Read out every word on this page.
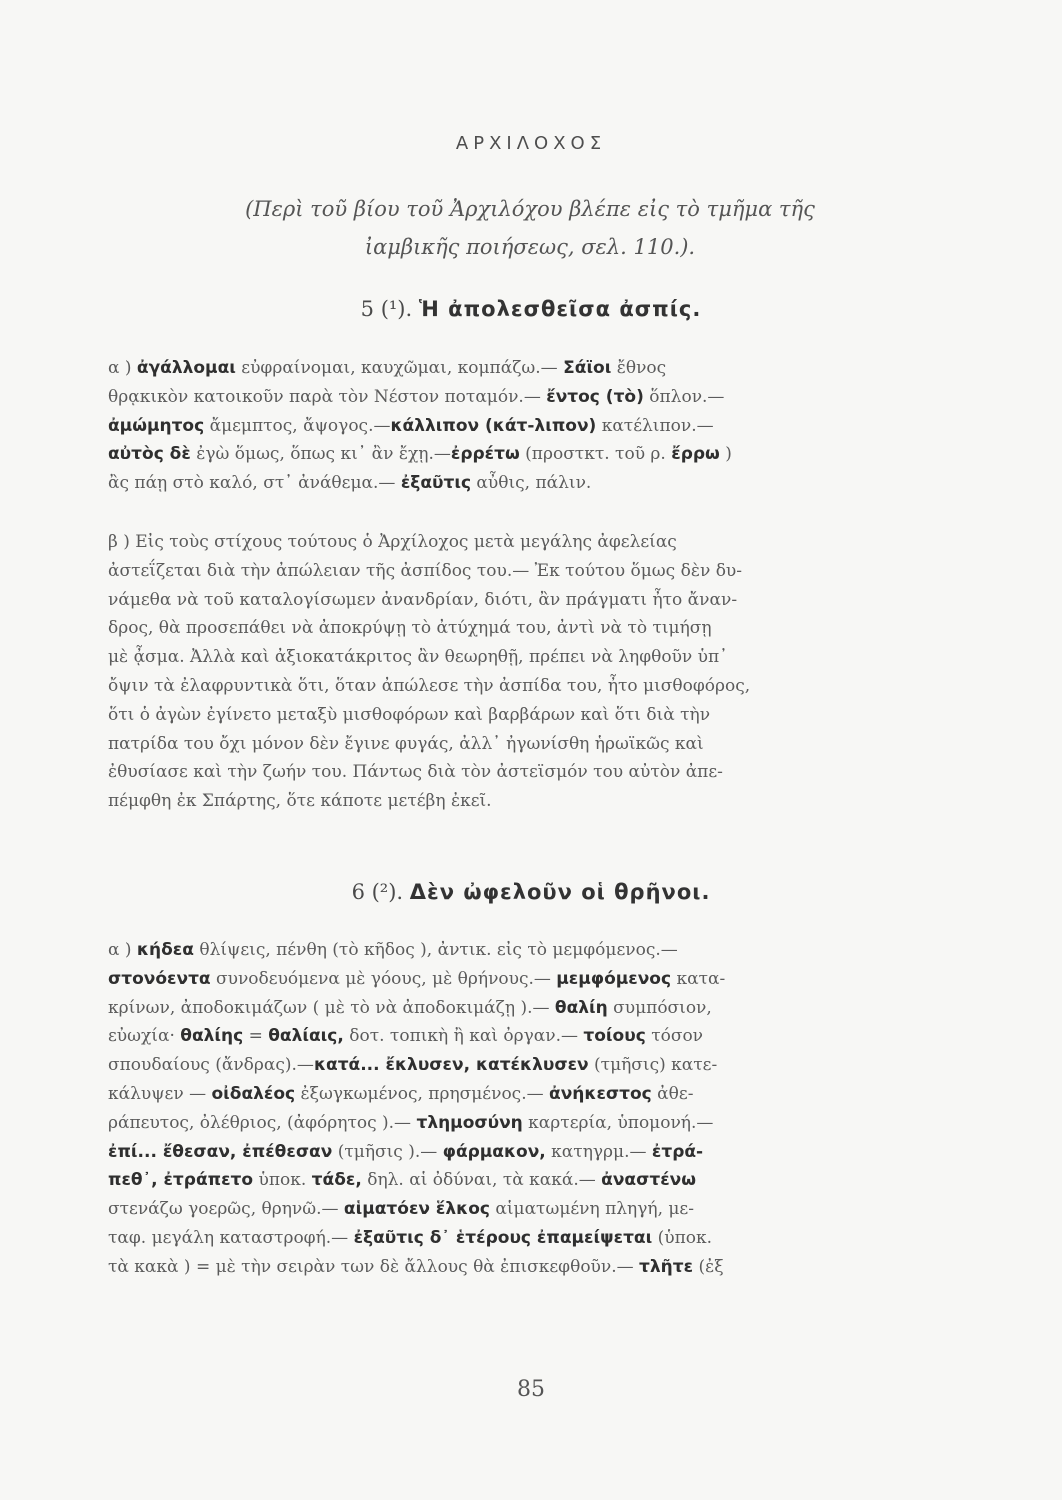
ΑΡΧΙΛΟΧΟΣ
(Περὶ τοῦ βίου τοῦ Ἀρχιλόχου βλέπε εἰς τὸ τμῆμα τῆς
ἰαμβικῆς ποιήσεως, σελ. 110.).
5 (¹). Ἡ ἀπολεσθεῖσα ἀσπίς.
α ) ἀγάλλομαι εὐφραίνομαι, καυχῶμαι, κομπάζω.— Σάϊοι ἔθνος
θρᾳκικὸν κατοικοῦν παρὰ τὸν Νέστον ποταμόν.— ἔντος (τὸ) ὅπλον.—
ἀμώμητος ἄμεμπτος, ἄψογος.—κάλλιπον (κάτ-λιπον) κατέλιπον.—
αὐτὸς δὲ ἐγὼ ὅμως, ὅπως κι᾿ ἂν ἔχῃ.—ἐρρέτω (προστκτ. τοῦ ρ. ἔρρω )
ἂς πάῃ στὸ καλό, στ᾿ ἀνάθεμα.— ἐξαῦτις αὖθις, πάλιν.
β ) Εἰς τοὺς στίχους τούτους ὁ Ἀρχίλοχος μετὰ μεγάλης ἀφελείας
ἀστεΐζεται διὰ τὴν ἀπώλειαν τῆς ἀσπίδος του.— Ἐκ τούτου ὅμως δὲν δυ-
νάμεθα νὰ τοῦ καταλογίσωμεν ἀνανδρίαν, διότι, ἂν πράγματι ἦτο ἄναν-
δρος, θὰ προσεπάθει νὰ ἀποκρύψῃ τὸ ἀτύχημά του, ἀντὶ νὰ τὸ τιμήσῃ
μὲ ᾆσμα. Ἀλλὰ καὶ ἀξιοκατάκριτος ἂν θεωρηθῇ, πρέπει νὰ ληφθοῦν ὑπ᾿
ὄψιν τὰ ἐλαφρυντικὰ ὅτι, ὅταν ἀπώλεσε τὴν ἀσπίδα του, ἦτο μισθοφόρος,
ὅτι ὁ ἀγὼν ἐγίνετο μεταξὺ μισθοφόρων καὶ βαρβάρων καὶ ὅτι διὰ τὴν
πατρίδα του ὄχι μόνον δὲν ἔγινε φυγάς, ἀλλ᾿ ἠγωνίσθη ἡρωϊκῶς καὶ
ἐθυσίασε καὶ τὴν ζωήν του. Πάντως διὰ τὸν ἀστεϊσμόν του αὐτὸν ἀπε-
πέμφθη ἐκ Σπάρτης, ὅτε κάποτε μετέβη ἐκεῖ.
6 (²). Δὲν ὠφελοῦν οἱ θρῆνοι.
α ) κήδεα θλίψεις, πένθη (τὸ κῆδος ), ἀντικ. εἰς τὸ μεμφόμενος.—
στονόεντα συνοδευόμενα μὲ γόους, μὲ θρήνους.— μεμφόμενος κατα-
κρίνων, ἀποδοκιμάζων ( μὲ τὸ νὰ ἀποδοκιμάζῃ ).— θαλίη συμπόσιον,
εὐωχία· θαλίης = θαλίαις, δοτ. τοπικὴ ἢ καὶ ὀργαν.— τοίους τόσον
σπουδαίους (ἄνδρας).—κατά... ἔκλυσεν, κατέκλυσεν (τμῆσις) κατε-
κάλυψεν — οἰδαλέος ἐξωγκωμένος, πρησμένος.— ἀνήκεστος ἀθε-
ράπευτος, ὀλέθριος, (ἀφόρητος ).— τλημοσύνη καρτερία, ὑπομονή.—
ἐπί... ἔθεσαν, ἐπέθεσαν (τμῆσις ).— φάρμακον, κατηγρμ.— ἐτρά-
πεθ᾿, ἐτράπετο ὑποκ. τάδε, δηλ. αἱ ὀδύναι, τὰ κακά.— ἀναστένω
στενάζω γοερῶς, θρηνῶ.— αἱματόεν ἕλκος αἱματωμένη πληγή, με-
ταφ. μεγάλη καταστροφή.— ἐξαῦτις δ᾿ ἑτέρους ἐπαμείψεται (ὑποκ.
τὰ κακὰ ) = μὲ τὴν σειρὰν των δὲ ἄλλους θὰ ἐπισκεφθοῦν.— τλῆτε (ἐξ
85
